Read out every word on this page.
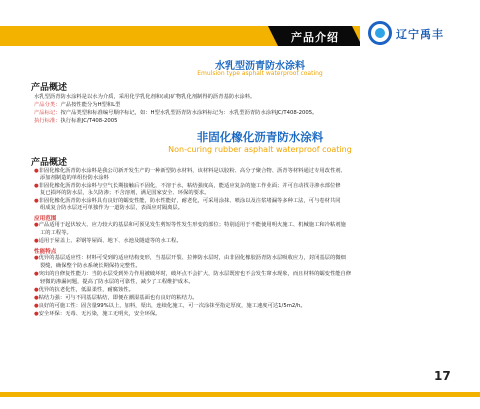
产品介绍	辽宁禹丰
水乳型沥青防水涂料
Emulsion type asphalt waterproof coating
产品概述
水乳型沥青防水涂料是以水为介质，采用化学乳化剂和(或)矿物乳化剂制得的沥青基防水涂料。
产品分类：产品按性能分为H型和L型
产品标记：按产品类型和标准编号顺序标记，如：H型水乳型沥青防水涂料标记为：水乳型沥青防水涂料JC/T408-2005。
执行标准：执行标准JC/T408-2005
非固化橡化沥青防水涂料
Non-curing rubber asphalt waterproof coating
产品概述
●非固化橡化沥青防水涂料是我公司新开发生产的一种新型防水材料，该材料是以胶粉、高分子聚合物、沥青等材料通过专用改性剂、
添加剂制造的单组份防水涂料
●非固化橡化沥青防水涂料与空气长期接触后不固化，不溶于水，粘结强度高，能适应复杂的施工作业面；并可自动找寻渗水部位修
复已损坏的防水层，永久防渗；不含溶剂，满足国家安全、环保的要求。
●非固化橡化沥青防水涂料具有良好的蠕变性能，防水性能好，耐老化，可采用涂抹、喷涂以及注浆堵漏等多种工法，可与卷材共同
组成复合防水层还可单独作为一道防水层，表面应对隔离层。
应用范围
●产品适用于起伏较大、应力较大的基层和可预见发生剪短等性发生形变的部位；特别适用于不能使用明火施工、机械施工和冷粘剂施
工的工程等。
●适用于屋盖上、彩钢等屋面、地下、水池及隧道等的水工程。
性能特点
●优异的基层适应性：材料可受到的适应结构变形，当基层开裂、拉伸防水层时，由非固化橡胶沥青防水层吸收应力，封闭基层的微细
裂缝，确保整个防水系统长期保持完整性。
●突出的自修复性能力：当防水层受到外力作用被破坏时，破坏点不会扩大，防水层既密也不会发生窜水现象，而且材料的蠕变性能自修
轻微的渗漏问题，提高了防水层的可靠性，减少了工程维护成本。
●优异的抗老化性，低温柔性，耐腐蚀性。
●粘结力强：可与不同基层粘结，即便在潮湿基面也有良好的粘结力。
●良好的可施工性：固含量99%以上，加料，渠出，连续化施工，可一次涂抹至指定厚度，施工速度可达1/5m2/h。
●安全环保：无毒、无污染，施工无明火，安全环保。
17
